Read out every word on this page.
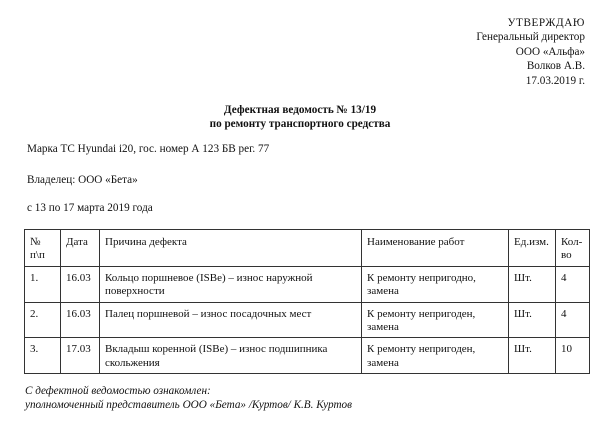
УТВЕРЖДАЮ
Генеральный директор
ООО «Альфа»
Волков А.В.
17.03.2019 г.
Дефектная ведомость № 13/19
по ремонту транспортного средства
Марка ТС Hyundai i20, гос. номер А 123 БВ рег. 77
Владелец: ООО «Бета»
с 13 по 17 марта 2019 года
№
п\п	Дата	Причина дефекта	Наименование работ	Ед.изм.	Кол-во
1.	16.03	Кольцо поршневое (ISBe) – износ наружной поверхности	К ремонту непригодно, замена	Шт.	4
2.	16.03	Палец поршневой – износ посадочных мест	К ремонту непригоден, замена	Шт.	4
3.	17.03	Вкладыш коренной (ISBe) – износ подшипника скольжения	К ремонту непригоден, замена	Шт.	10
С дефектной ведомостью ознакомлен:
уполномоченный представитель ООО «Бета» /Куртов/ К.В. Куртов
